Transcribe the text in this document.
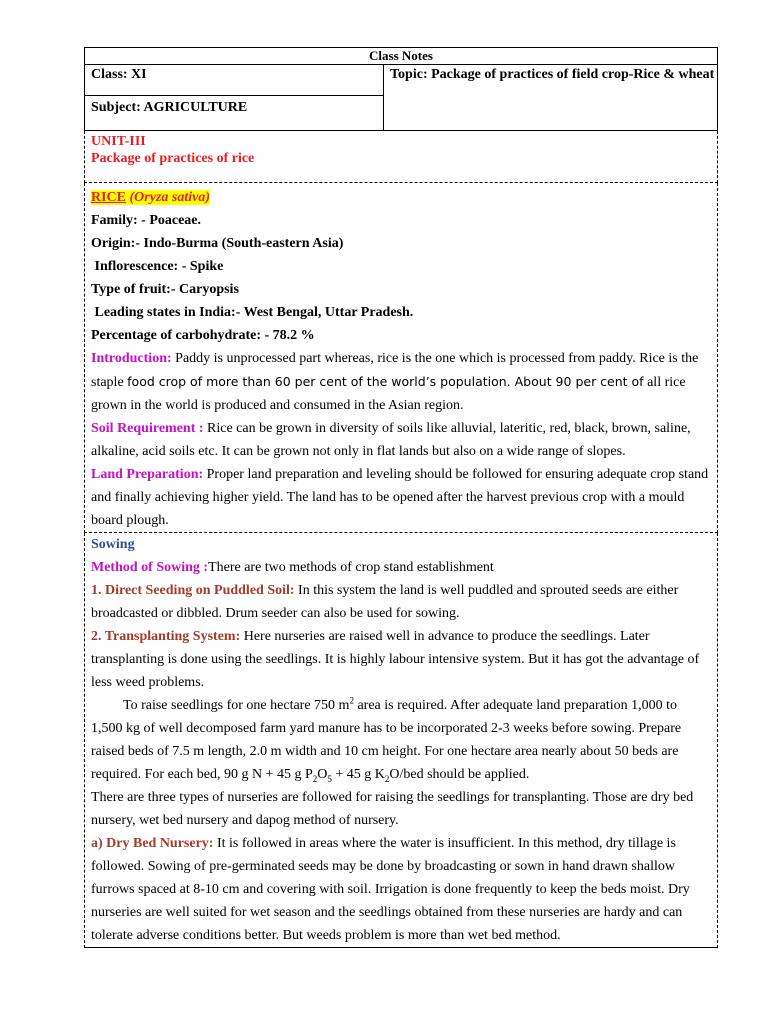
Class Notes
Class: XI	Topic: Package of practices of field crop-Rice & wheat
Subject: AGRICULTURE

UNIT-III

Package of practices of rice

RICE (Oryza sativa)

Family: - Poaceae.

Origin:- Indo-Burma (South-eastern Asia)

Inflorescence: - Spike

Type of fruit:- Caryopsis

Leading states in India:- West Bengal, Uttar Pradesh.

Percentage of carbohydrate: - 78.2 %

Introduction: Paddy is unprocessed part whereas, rice is the one which is processed from paddy. Rice is the staple food crop of more than 60 per cent of the world’s population. About 90 per cent of all rice grown in the world is produced and consumed in the Asian region.

Soil Requirement : Rice can be grown in diversity of soils like alluvial, lateritic, red, black, brown, saline, alkaline, acid soils etc. It can be grown not only in flat lands but also on a wide range of slopes.

Land Preparation: Proper land preparation and leveling should be followed for ensuring adequate crop stand and finally achieving higher yield. The land has to be opened after the harvest previous crop with a mould board plough.

Sowing

Method of Sowing :There are two methods of crop stand establishment

1. Direct Seeding on Puddled Soil: In this system the land is well puddled and sprouted seeds are either broadcasted or dibbled. Drum seeder can also be used for sowing.

2. Transplanting System: Here nurseries are raised well in advance to produce the seedlings. Later transplanting is done using the seedlings. It is highly labour intensive system. But it has got the advantage of less weed problems.

To raise seedlings for one hectare 750 $m^2$ area is required. After adequate land preparation 1,000 to 1,500 kg of well decomposed farm yard manure has to be incorporated 2-3 weeks before sowing. Prepare raised beds of 7.5 m length, 2.0 m width and 10 cm height. For one hectare area nearly about 50 beds are required. For each bed, 90 g N + 45 g $P_2O_5 + 45$ g $K_2O$/bed should be applied.

There are three types of nurseries are followed for raising the seedlings for transplanting. Those are dry bed nursery, wet bed nursery and dapog method of nursery.

a) Dry Bed Nursery: It is followed in areas where the water is insufficient. In this method, dry tillage is followed. Sowing of pre-germinated seeds may be done by broadcasting or sown in hand drawn shallow furrows spaced at 8-10 cm and covering with soil. Irrigation is done frequently to keep the beds moist. Dry nurseries are well suited for wet season and the seedlings obtained from these nurseries are hardy and can tolerate adverse conditions better. But weeds problem is more than wet bed method.
